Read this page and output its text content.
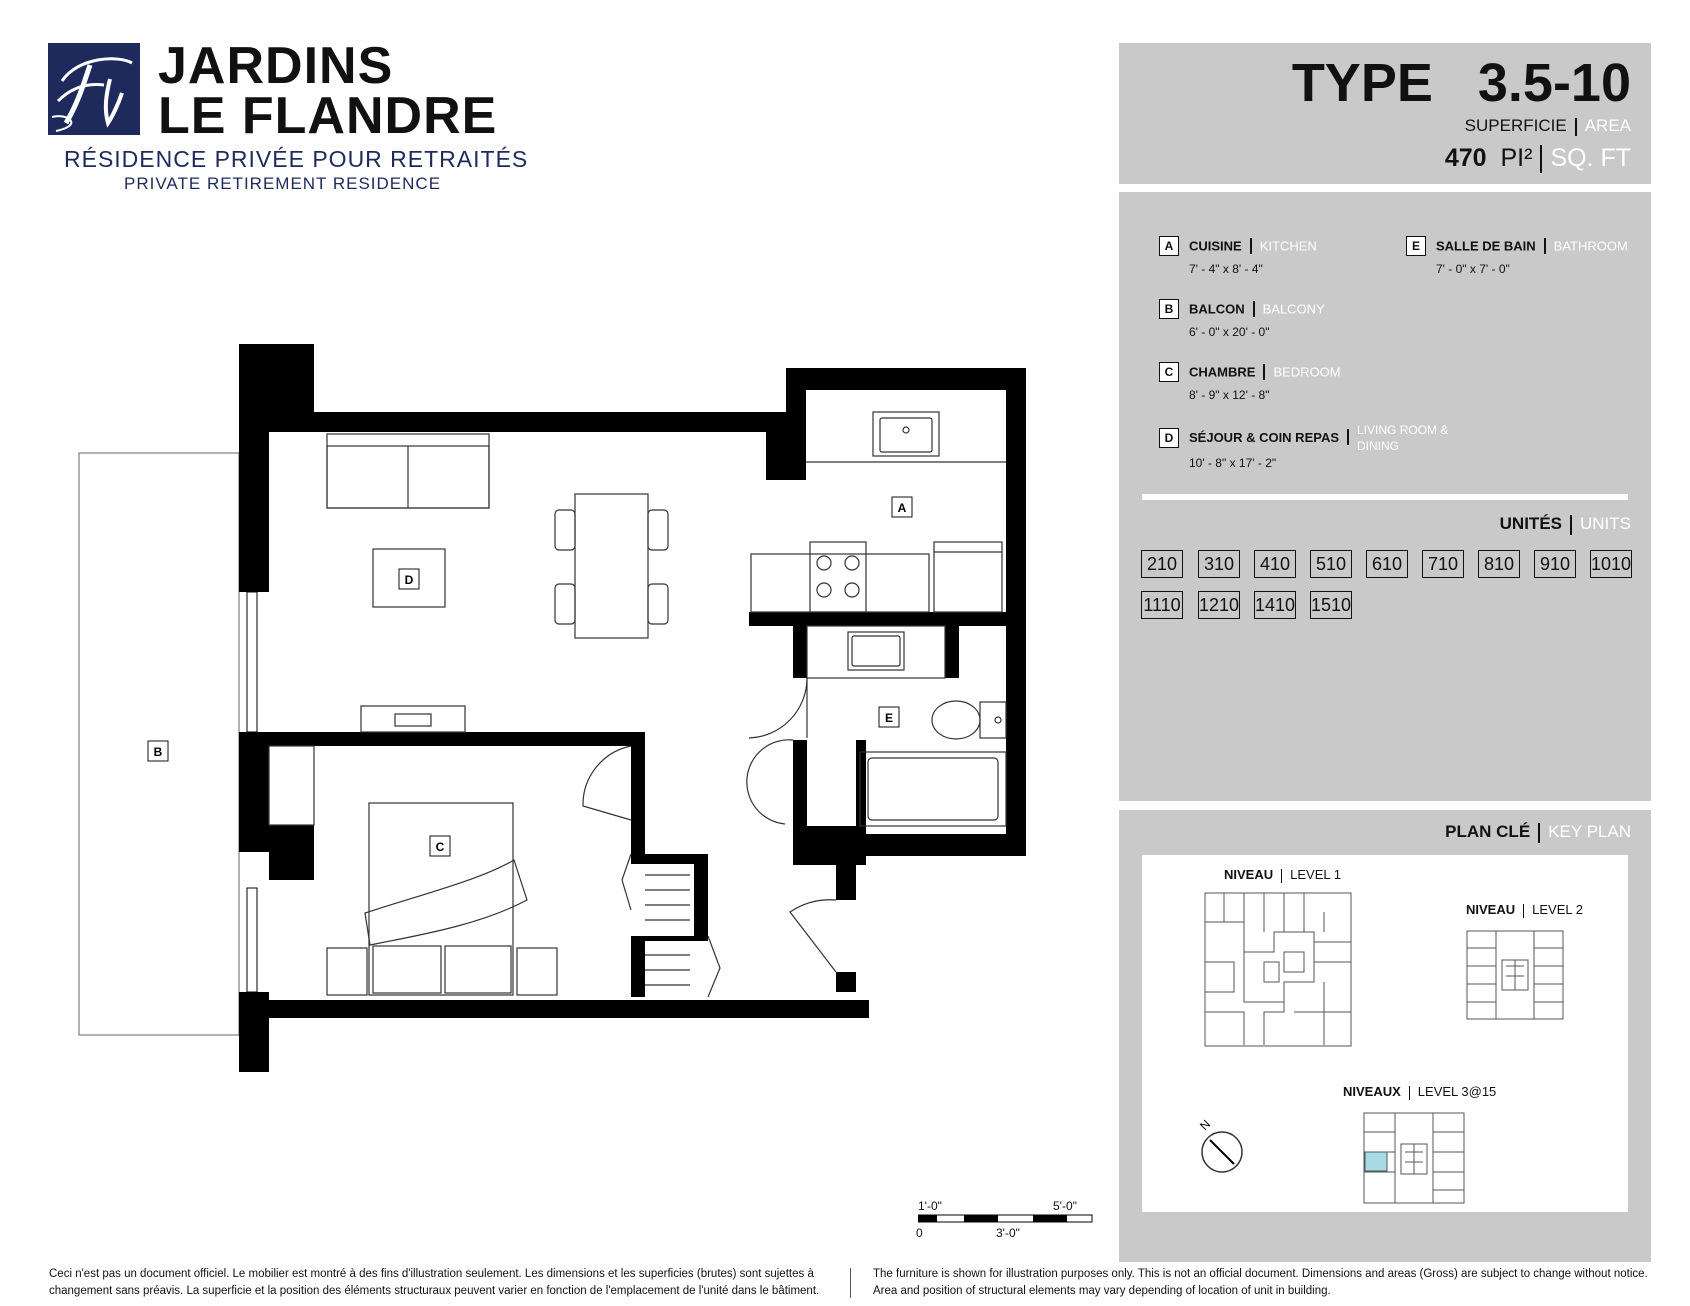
JARDINS
LE FLANDRE
RÉSIDENCE PRIVÉE POUR RETRAITÉS
PRIVATE RETIREMENT RESIDENCE
A
B
C
D
E
1'-0"	5'-0"
0	3'-0"
TYPE 3.5-10
SUPERFICIE AREA
470 PI² SQ. FT
A CUISINE KITCHEN
7' - 4" x 8' - 4"
B BALCON BALCONY
6' - 0" x 20' - 0"
C CHAMBRE BEDROOM
8' - 9" x 12' - 8"
D	SÉJOUR & COIN REPAS LIVING ROOM &
DINING
10' - 8" x 17' - 2"
E SALLE DE BAIN BATHROOM
7' - 0" x 7' - 0"
UNITÉS UNITS
210	310	410	510	610	710	810	910	1010
1110 1210 1410 1510
PLAN CLÉ KEY PLAN
NIVEAU LEVEL 1
NIVEAU LEVEL 2
NIVEAUX LEVEL 3@15
N
Ceci n'est pas un document officiel. Le mobilier est montré à des fins d'illustration seulement. Les dimensions et les superficies (brutes) sont sujettes à
changement sans préavis. La superficie et la position des éléments structuraux peuvent varier en fonction de l'emplacement de l'unité dans le bâtiment.
The furniture is shown for illustration purposes only. This is not an official document. Dimensions and areas (Gross) are subject to change without notice.
Area and position of structural elements may vary depending of location of unit in building.
